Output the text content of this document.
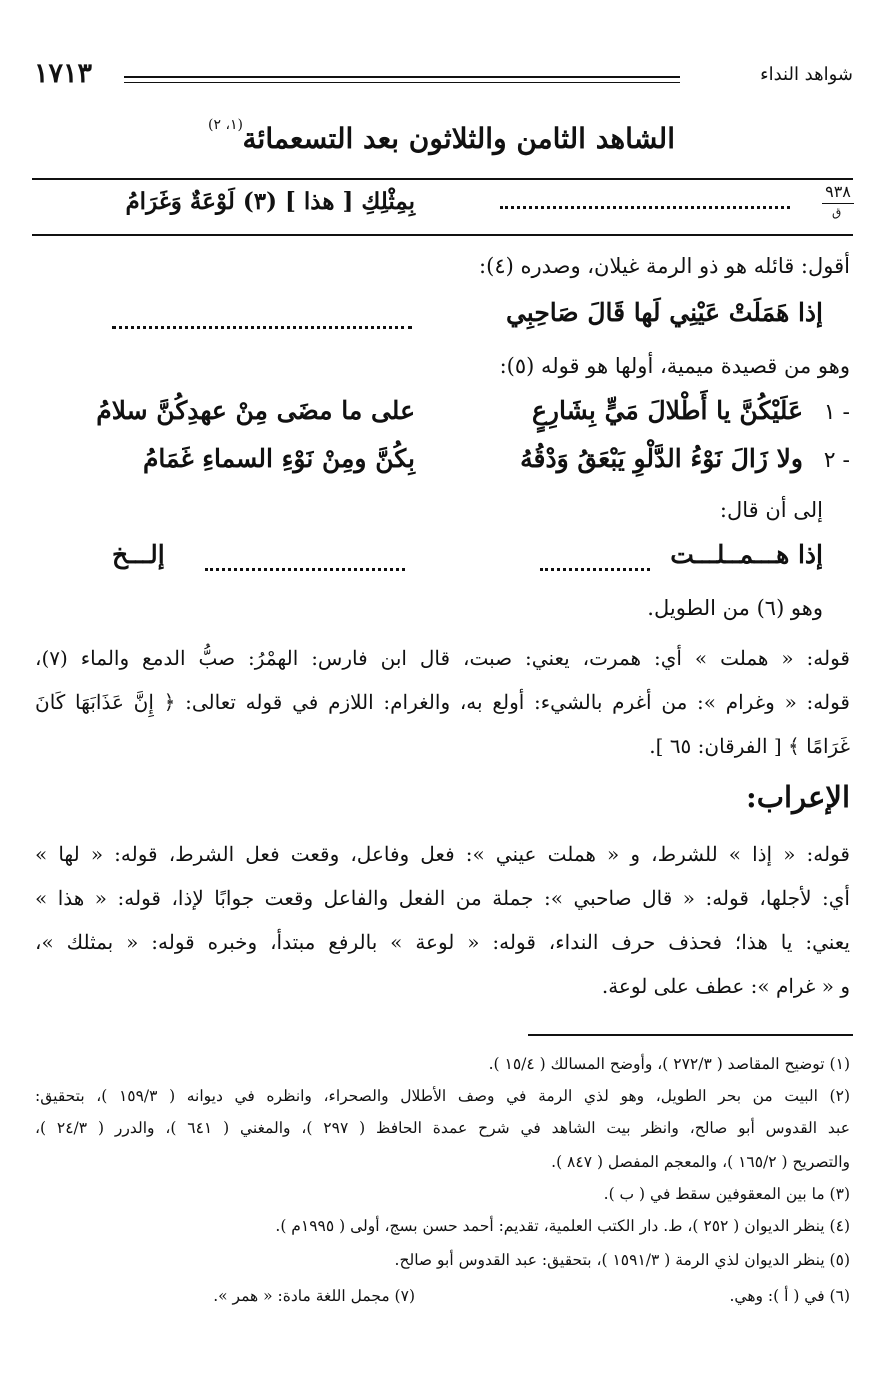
١٧١٣	شواهد النداء
الشاهد الثامن والثلاثون بعد التسعمائة
(١، ٢)
٩٣٨
ق
بِمِثْلِكِ [ هذا ] (٣) لَوْعَةٌ وَغَرَامُ
أقول: قائله هو ذو الرمة غيلان، وصدره (٤):
إذا هَمَلَتْ عَيْنِي لَها قَالَ صَاحِبِي
وهو من قصيدة ميمية، أولها هو قوله (٥):
١ -
عَلَيْكُنَّ يا أَطْلالَ مَيٍّ بِشَارِعٍ
على ما مضَى مِنْ عهدِكُنَّ سلامُ
٢ -
ولا زَالَ نَوْءُ الدَّلْوِ يَبْعَقُ وَدْقُهُ
بِكُنَّ ومِنْ نَوْءِ السماءِ غَمَامُ
إلى أن قال:
إذا هـــمــلـــت
إلـــخ
وهو (٦) من الطويل.
قوله: « هملت » أي: همرت، يعني: صبت، قال ابن فارس: الهمْرُ: صبُّ الدمع والماء (٧)،
قوله: « وغرام »: من أغرم بالشيء: أولع به، والغرام: اللازم في قوله تعالى: ﴿ إِنَّ عَذَابَهَا كَانَ
غَرَامًا ﴾ [ الفرقان: ٦٥ ].
الإعراب:
قوله: « إذا » للشرط، و « هملت عيني »: فعل وفاعل، وقعت فعل الشرط، قوله: « لها »
أي: لأجلها، قوله: « قال صاحبي »: جملة من الفعل والفاعل وقعت جوابًا لإذا، قوله: « هذا »
يعني: يا هذا؛ فحذف حرف النداء، قوله: « لوعة » بالرفع مبتدأ، وخبره قوله: « بمثلك »،
و « غرام »: عطف على لوعة.
(١) توضيح المقاصد ( ٢٧٢/٣ )، وأوضح المسالك ( ١٥/٤ ).
(٢) البيت من بحر الطويل، وهو لذي الرمة في وصف الأطلال والصحراء، وانظره في ديوانه ( ١٥٩/٣ )، بتحقيق:
عبد القدوس أبو صالح، وانظر بيت الشاهد في شرح عمدة الحافظ ( ٢٩٧ )، والمغني ( ٦٤١ )، والدرر ( ٢٤/٣ )،
والتصريح ( ١٦٥/٢ )، والمعجم المفصل ( ٨٤٧ ).
(٣) ما بين المعقوفين سقط في ( ب ).
(٤) ينظر الديوان ( ٢٥٢ )، ط. دار الكتب العلمية، تقديم: أحمد حسن بسج، أولى ( ١٩٩٥م ).
(٥) ينظر الديوان لذي الرمة ( ١٥٩١/٣ )، بتحقيق: عبد القدوس أبو صالح.
(٦) في ( أ ): وهي.
(٧) مجمل اللغة مادة: « همر ».
